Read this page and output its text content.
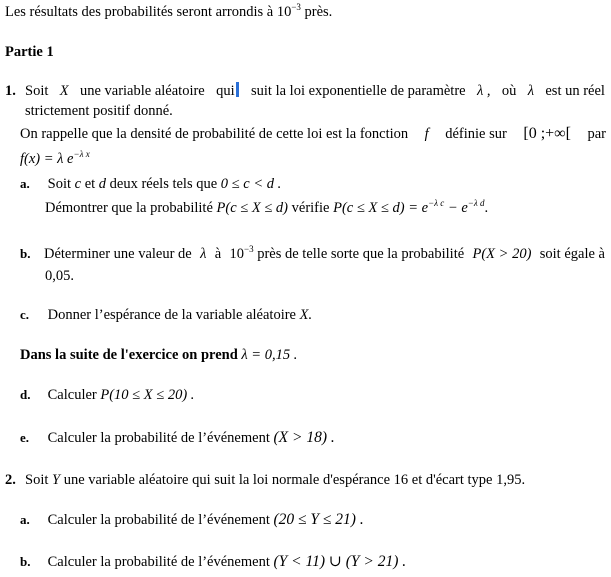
Les résultats des probabilités seront arrondis à $10^{-3}$ près.
Partie 1
1. Soit X une variable aléatoire qui	suit la loi exponentielle de paramètre λ , où λ est un réel
strictement positif donné.
On rappelle que la densité de probabilité de cette loi est la fonction f définie sur [0 ;+∞[ par
f(x) = λ $e^{-\lambda x}$
a. Soit c et d deux réels tels que 0 ≤ c < d .
Démontrer que la probabilité P(c ≤ X ≤ d) vérifie $P(c \le X \le d) = e^{-\lambda c} - e^{-\lambda d}$.
b. Déterminer une valeur de λ à $10^{-3}$ près de telle sorte que la probabilité P(X > 20) soit égale à
0,05.
c. Donner l’espérance de la variable aléatoire X.
Dans la suite de l'exercice on prend λ = 0,15 .
d. Calculer P(10 ≤ X ≤ 20) .
e. Calculer la probabilité de l’événement (X > 18) .
2. Soit Y une variable aléatoire qui suit la loi normale d'espérance 16 et d'écart type 1,95.
a. Calculer la probabilité de l’événement (20 ≤ Y ≤ 21) .
b. Calculer la probabilité de l’événement (Y < 11) ∪ (Y > 21) .
